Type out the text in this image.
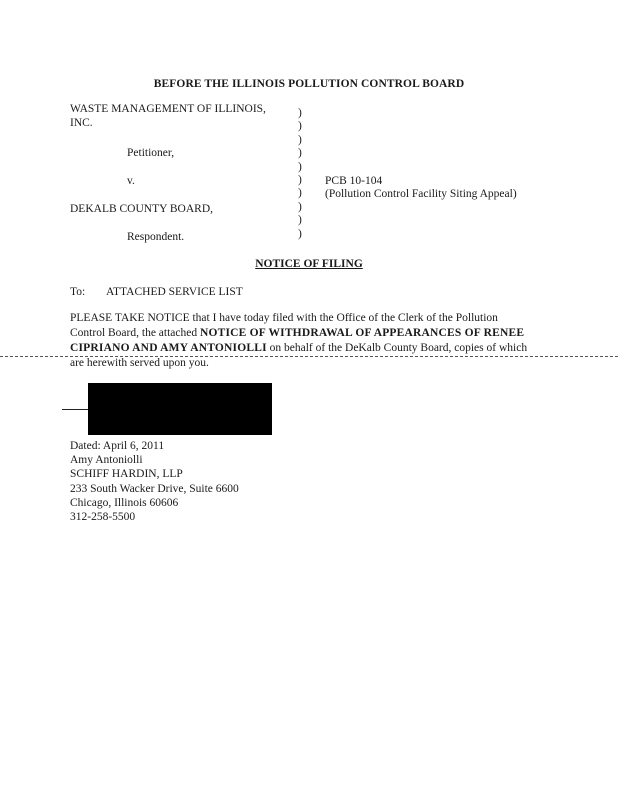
BEFORE THE ILLINOIS POLLUTION CONTROL BOARD
WASTE MANAGEMENT OF ILLINOIS,
INC.
Petitioner,
v.	PCB 10-104
(Pollution Control Facility Siting Appeal)
DEKALB COUNTY BOARD,
Respondent.
)
)
)
)
)
)
)
)
)
)
NOTICE OF FILING
To: ATTACHED SERVICE LIST
PLEASE TAKE NOTICE that I have today filed with the Office of the Clerk of the Pollution Control Board, the attached NOTICE OF WITHDRAWAL OF APPEARANCES OF RENEE CIPRIANO AND AMY ANTONIOLLI on behalf of the DeKalb County Board, copies of which are herewith served upon you.
Dated: April 6, 2011
Amy Antoniolli
SCHIFF HARDIN, LLP
233 South Wacker Drive, Suite 6600
Chicago, Illinois 60606
312-258-5500
